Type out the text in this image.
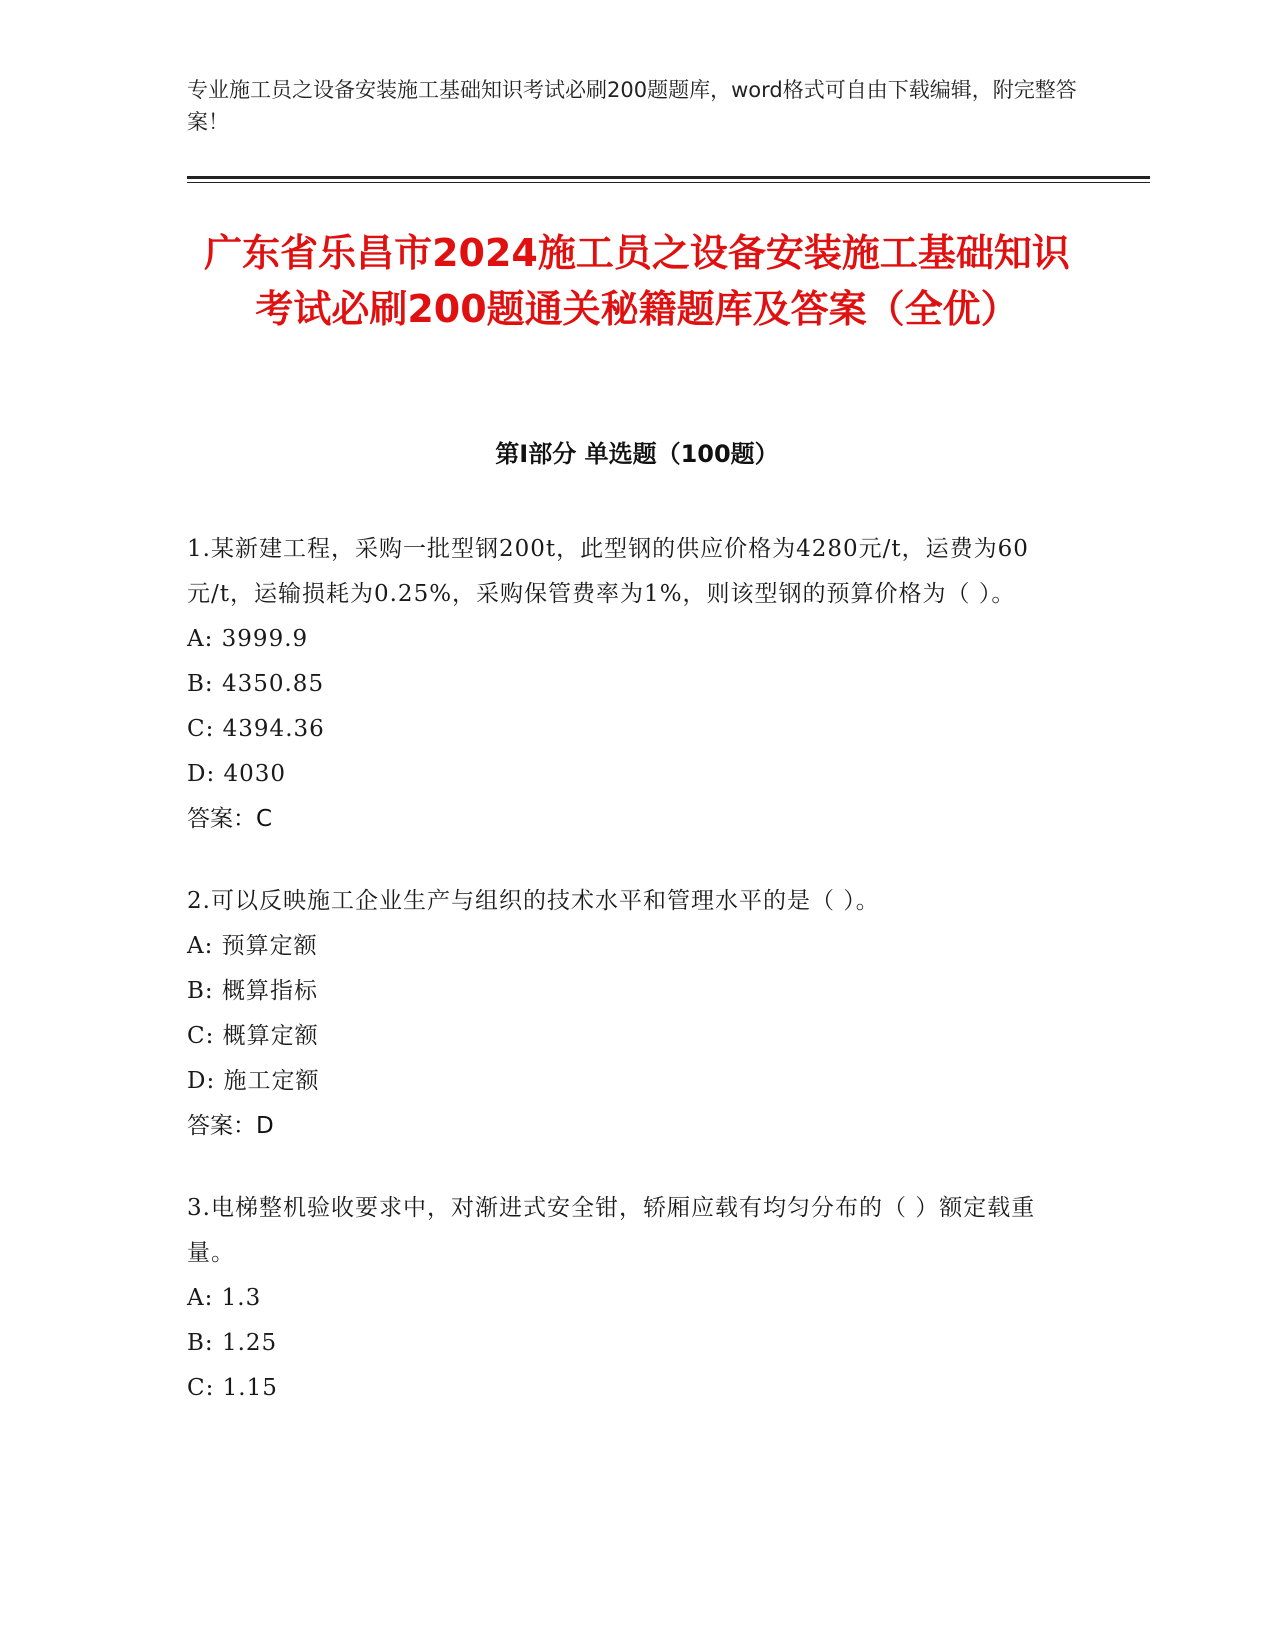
专业施工员之设备安装施工基础知识考试必刷200题题库，word格式可自由下载编辑，附完整答案！
广东省乐昌市2024施工员之设备安装施工基础知识考试必刷200题通关秘籍题库及答案（全优）
第Ⅰ部分 单选题（100题）
1.某新建工程，采购一批型钢200t，此型钢的供应价格为4280元/t，运费为60元/t，运输损耗为0.25%，采购保管费率为1%，则该型钢的预算价格为（ ）。
A: 3999.9
B: 4350.85
C: 4394.36
D: 4030
答案：C
2.可以反映施工企业生产与组织的技术水平和管理水平的是（ ）。
A: 预算定额
B: 概算指标
C: 概算定额
D: 施工定额
答案：D
3.电梯整机验收要求中，对渐进式安全钳，轿厢应载有均匀分布的（ ）额定载重量。
A: 1.3
B: 1.25
C: 1.15
